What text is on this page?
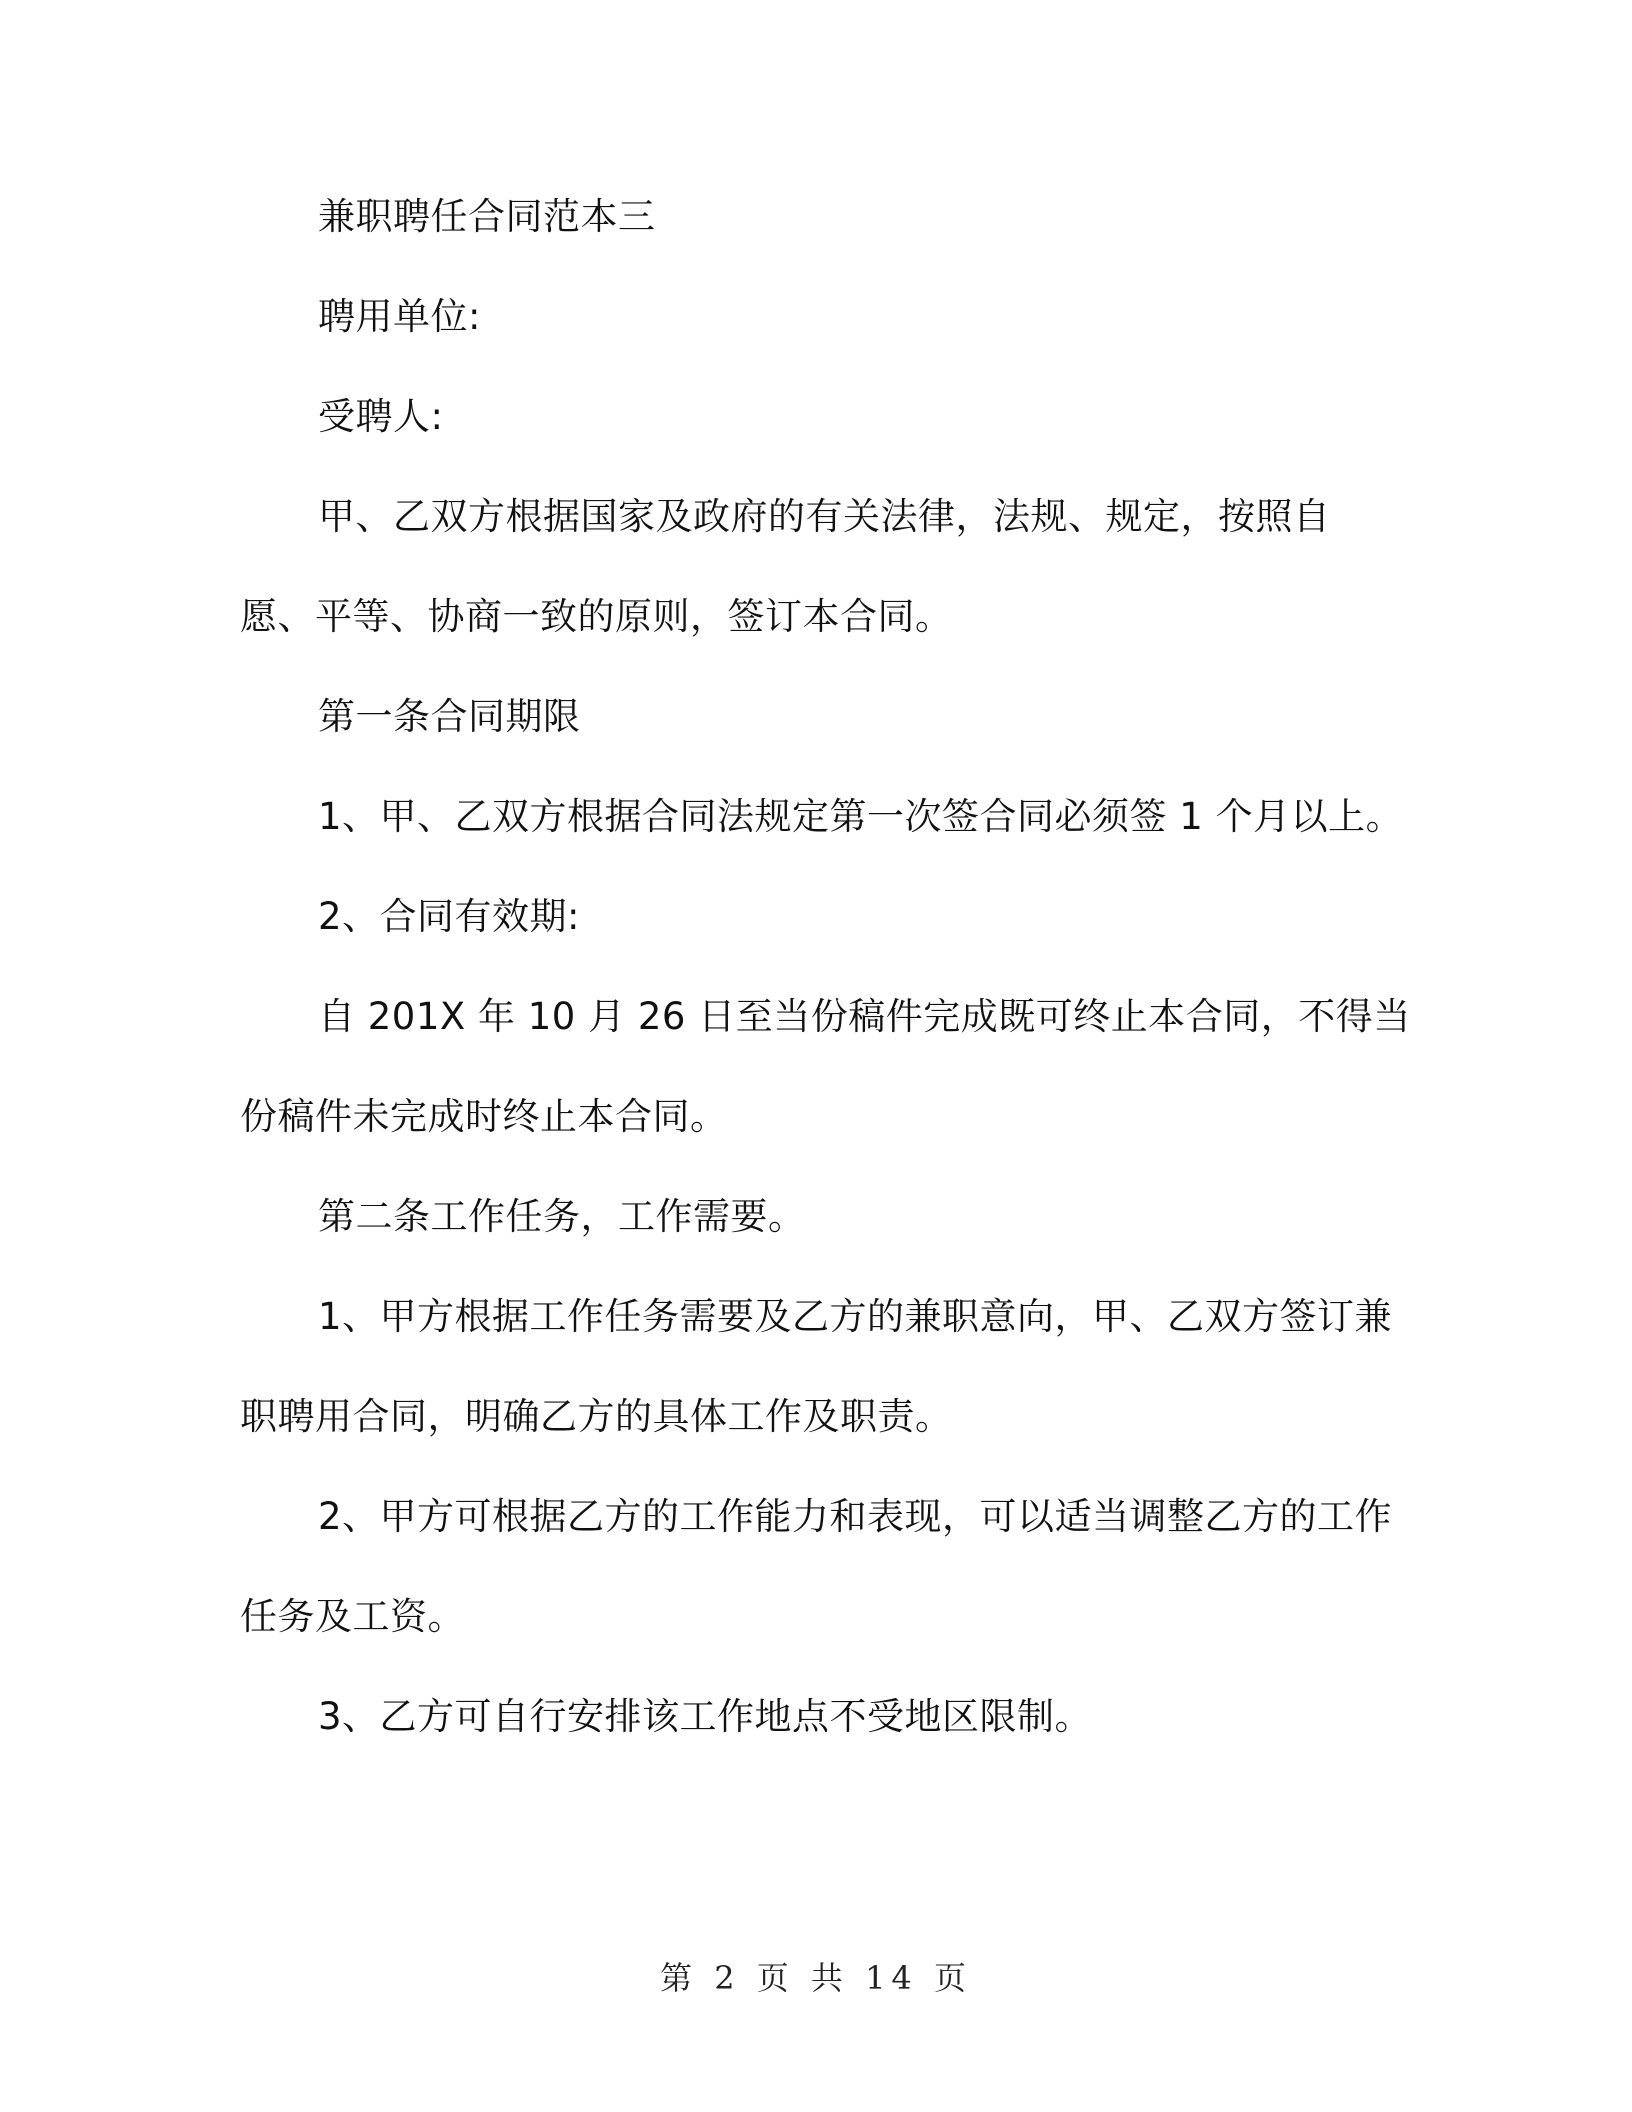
兼职聘任合同范本三
聘用单位:
受聘人:
甲、乙双方根据国家及政府的有关法律，法规、规定，按照自
愿、平等、协商一致的原则，签订本合同。
第一条合同期限
1、甲、乙双方根据合同法规定第一次签合同必须签 1 个月以上。
2、合同有效期:
自 201X 年 10 月 26 日至当份稿件完成既可终止本合同，不得当
份稿件未完成时终止本合同。
第二条工作任务，工作需要。
1、甲方根据工作任务需要及乙方的兼职意向，甲、乙双方签订兼
职聘用合同，明确乙方的具体工作及职责。
2、甲方可根据乙方的工作能力和表现，可以适当调整乙方的工作
任务及工资。
3、乙方可自行安排该工作地点不受地区限制。
第 2 页 共 14 页
